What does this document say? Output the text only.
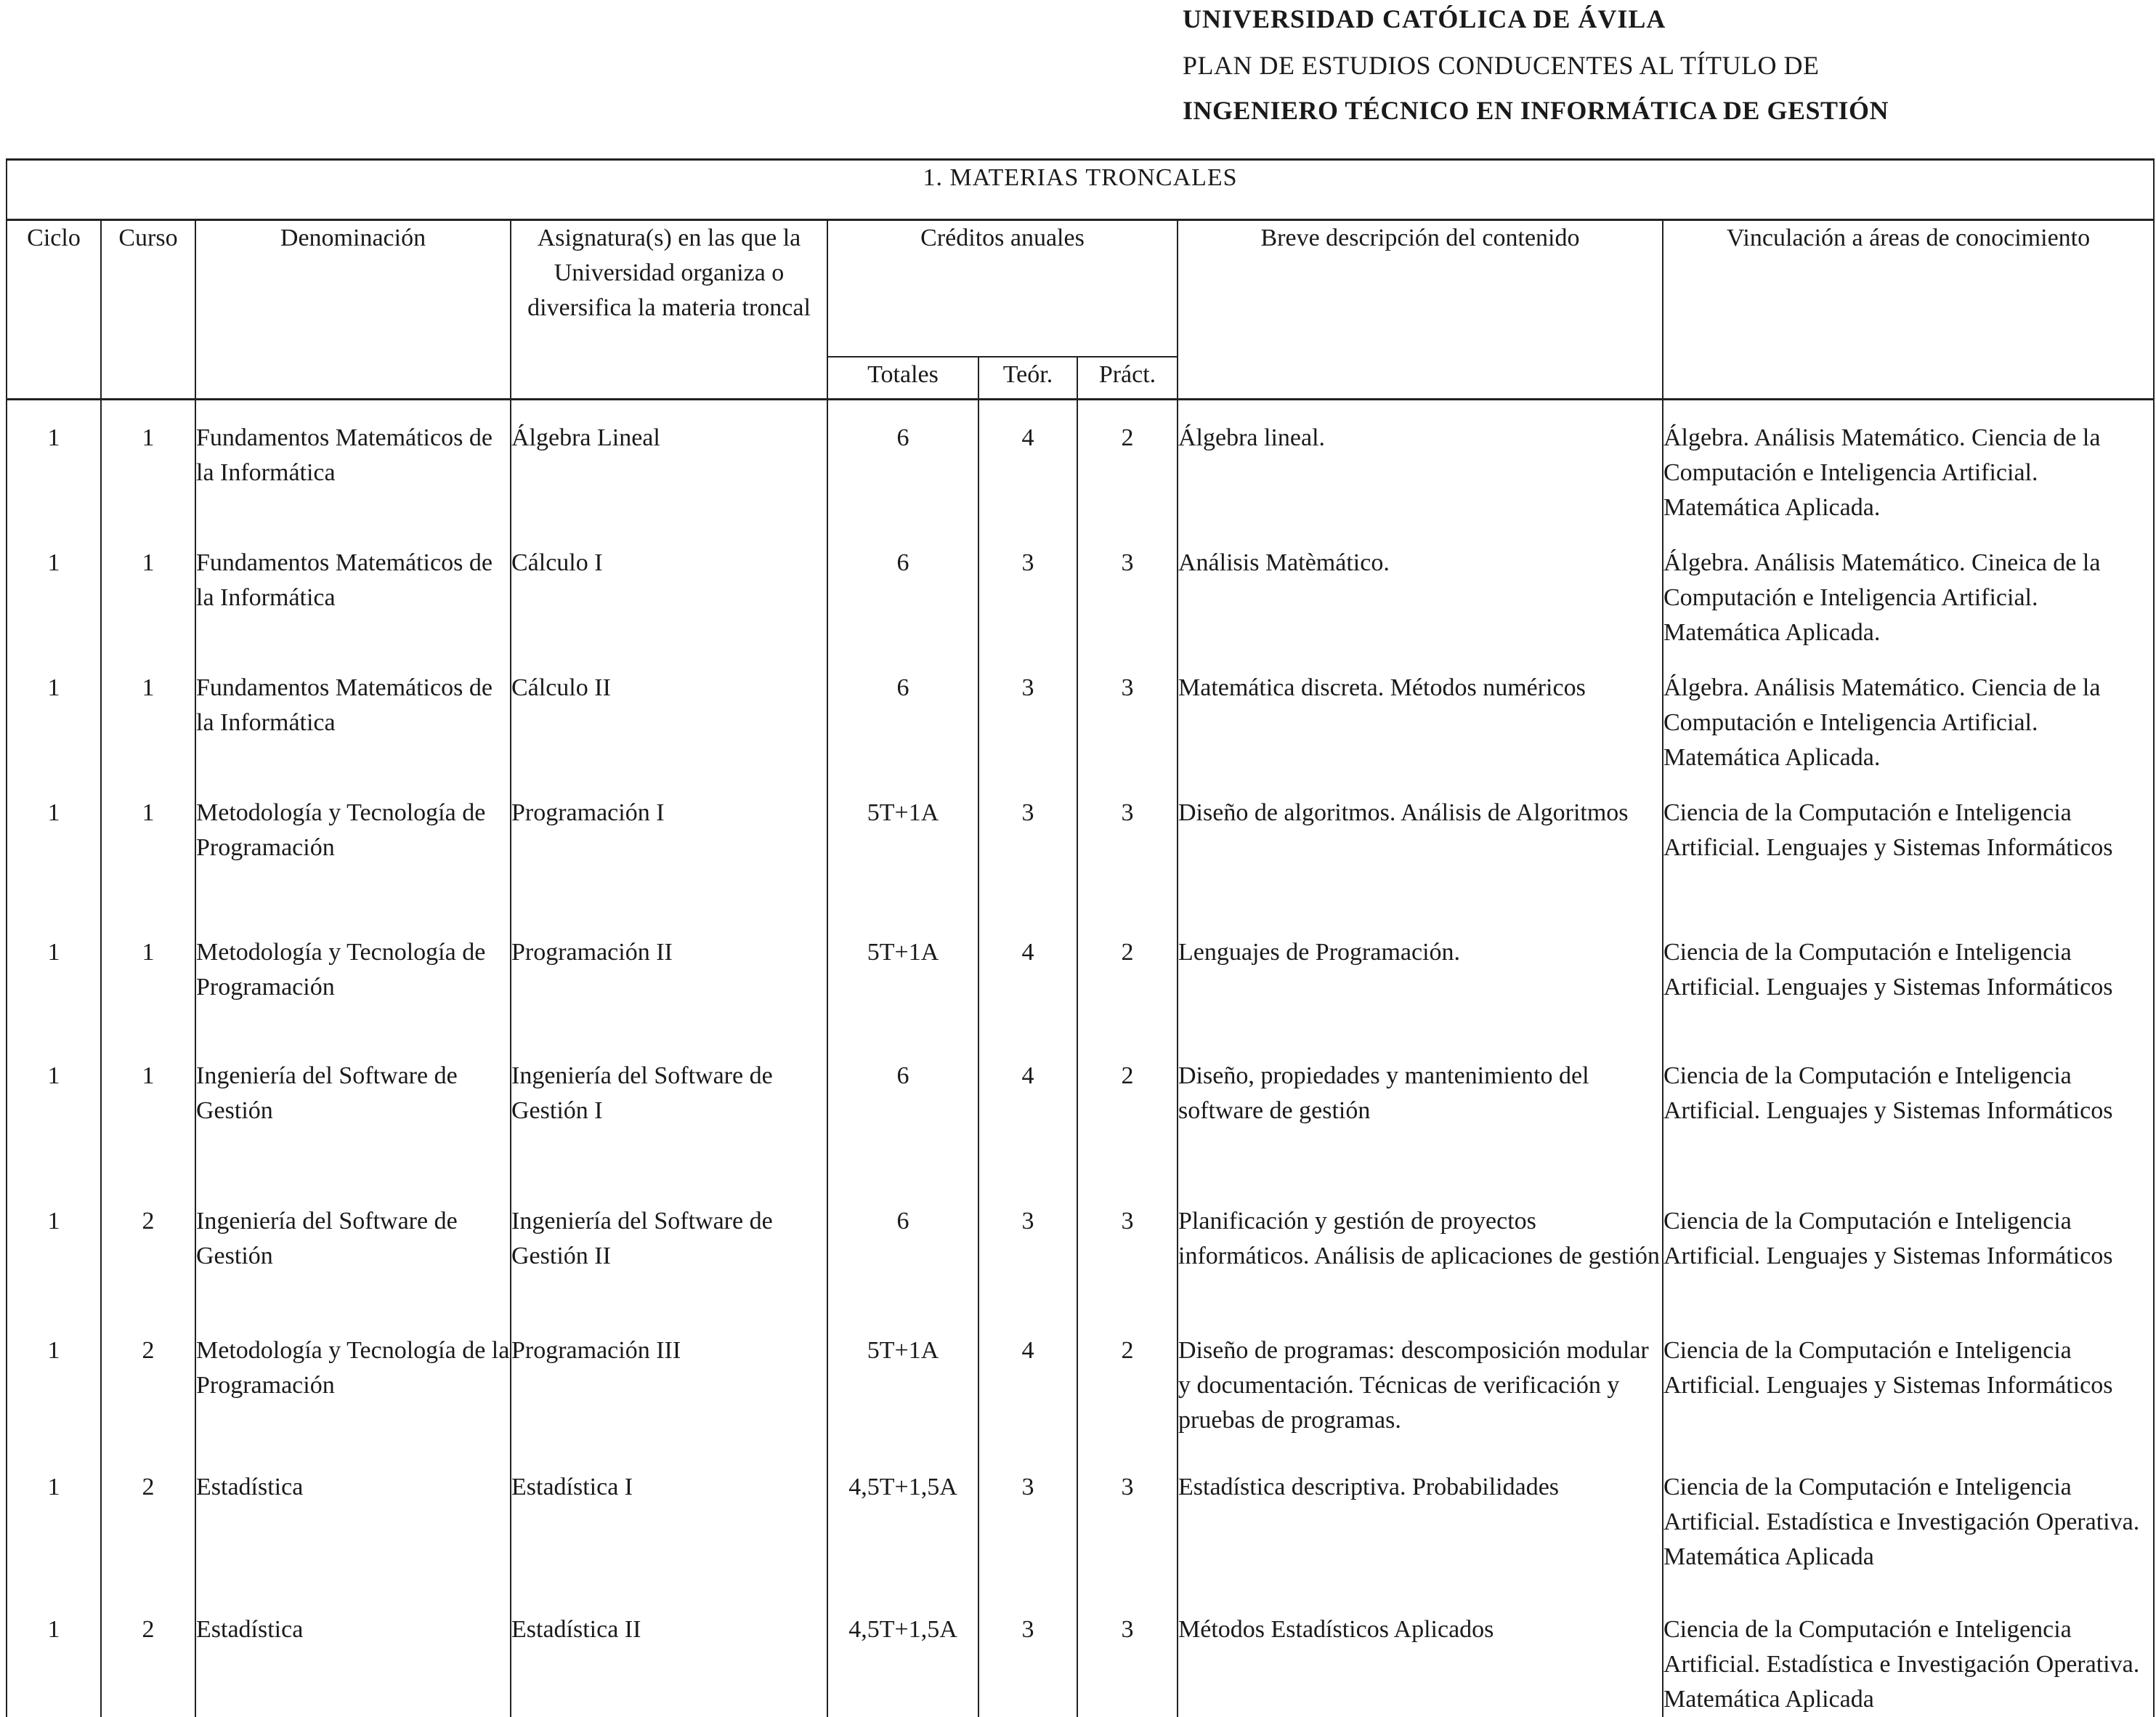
UNIVERSIDAD CATÓLICA DE ÁVILA
PLAN DE ESTUDIOS CONDUCENTES AL TÍTULO DE
INGENIERO TÉCNICO EN INFORMÁTICA DE GESTIÓN
1. MATERIAS TRONCALES								
Ciclo	Curso	Denominación	Asignatura(s) en las que la Universidad organiza o diversifica la materia troncal	Créditos anuales			Breve descripción del contenido	Vinculación a áreas de conocimiento
				Totales	Teór.	Práct.		
1	1	Fundamentos Matemáticos de la Informática	Álgebra Lineal	6	4	2	Álgebra lineal.	Álgebra. Análisis Matemático. Ciencia de la Computación e Inteligencia Artificial. Matemática Aplicada.
1	1	Fundamentos Matemáticos de la Informática	Cálculo I	6	3	3	Análisis Matèmático.	Álgebra. Análisis Matemático. Cineica de la Computación e Inteligencia Artificial. Matemática Aplicada.
1	1	Fundamentos Matemáticos de la Informática	Cálculo II	6	3	3	Matemática discreta. Métodos numéricos	Álgebra. Análisis Matemático. Ciencia de la Computación e Inteligencia Artificial. Matemática Aplicada.
1	1	Metodología y Tecnología de Programación	Programación I	5T+1A	3	3	Diseño de algoritmos. Análisis de Algoritmos	Ciencia de la Computación e Inteligencia Artificial. Lenguajes y Sistemas Informáticos
1	1	Metodología y Tecnología de Programación	Programación II	5T+1A	4	2	Lenguajes de Programación.	Ciencia de la Computación e Inteligencia Artificial. Lenguajes y Sistemas Informáticos
1	1	Ingeniería del Software de Gestión	Ingeniería del Software de Gestión I	6	4	2	Diseño, propiedades y mantenimiento del software de gestión	Ciencia de la Computación e Inteligencia Artificial. Lenguajes y Sistemas Informáticos
1	2	Ingeniería del Software de Gestión	Ingeniería del Software de Gestión II	6	3	3	Planificación y gestión de proyectos informáticos. Análisis de aplicaciones de gestión	Ciencia de la Computación e Inteligencia Artificial. Lenguajes y Sistemas Informáticos
1	2	Metodología y Tecnología de la Programación	Programación III	5T+1A	4	2	Diseño de programas: descomposición modular y documentación. Técnicas de verificación y pruebas de programas.	Ciencia de la Computación e Inteligencia Artificial. Lenguajes y Sistemas Informáticos
1	2	Estadística	Estadística I	4,5T+1,5A	3	3	Estadística descriptiva. Probabilidades	Ciencia de la Computación e Inteligencia Artificial. Estadística e Investigación Operativa. Matemática Aplicada
1	2	Estadística	Estadística II	4,5T+1,5A	3	3	Métodos Estadísticos Aplicados	Ciencia de la Computación e Inteligencia Artificial. Estadística e Investigación Operativa. Matemática Aplicada
